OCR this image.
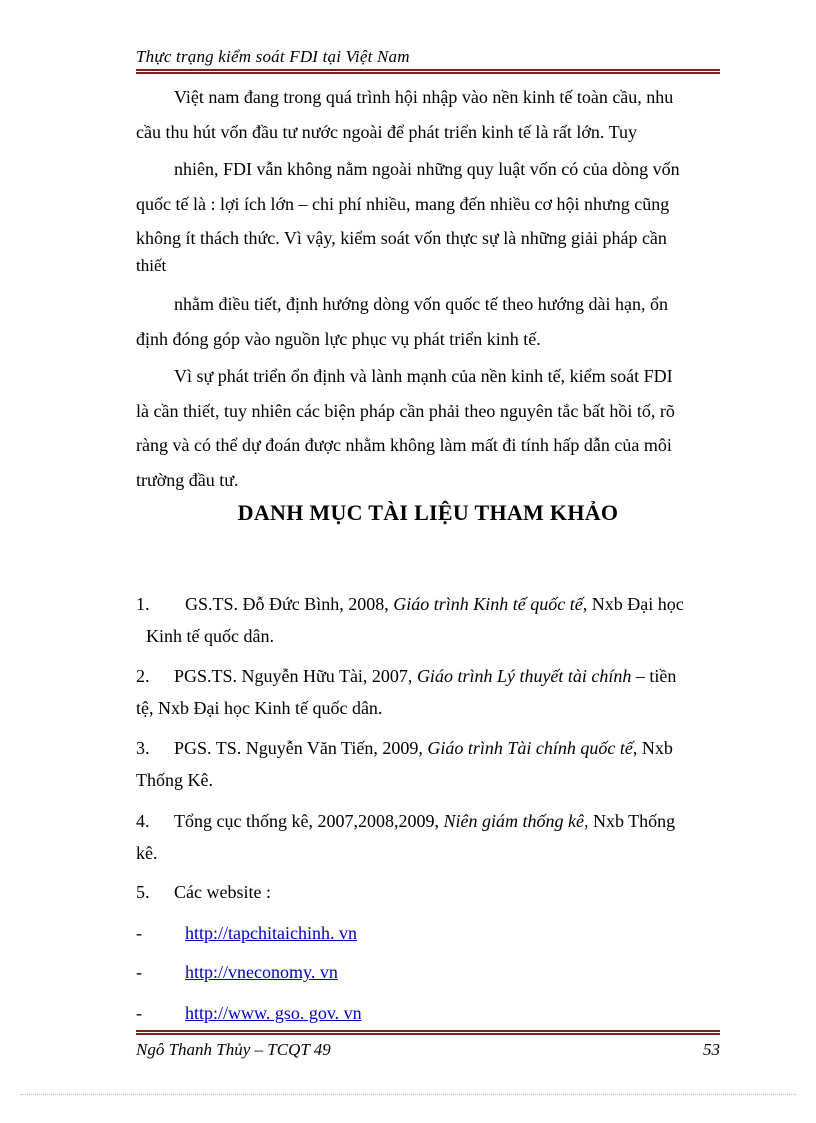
Thực trạng kiểm soát FDI tại Việt Nam

Việt nam đang trong quá trình hội nhập vào nền kinh tế toàn cầu, nhu
cầu thu hút vốn đầu tư nước ngoài để phát triển kinh tế là rất lớn. Tuy

nhiên, FDI vẫn không nằm ngoài những quy luật vốn có của dòng vốn
quốc tế là : lợi ích lớn – chi phí nhiều, mang đến nhiều cơ hội nhưng cũng
không ít thách thức. Vì vậy, kiểm soát vốn thực sự là những giải pháp cần
thiết

nhằm điều tiết, định hướng dòng vốn quốc tế theo hướng dài hạn, ổn
định đóng góp vào nguồn lực phục vụ phát triển kinh tế.

Vì sự phát triển ổn định và lành mạnh của nền kinh tế, kiểm soát FDI
là cần thiết, tuy nhiên các biện pháp cần phải theo nguyên tắc bất hồi tố, rõ
ràng và có thể dự đoán được nhằm không làm mất đi tính hấp dẫn của môi
trường đầu tư.

DANH MỤC TÀI LIỆU THAM KHẢO

1. GS.TS. Đỗ Đức Bình, 2008, Giáo trình Kinh tế quốc tế, Nxb Đại học
Kinh tế quốc dân.

2. PGS.TS. Nguyễn Hữu Tài, 2007, Giáo trình Lý thuyết tài chính – tiền
tệ, Nxb Đại học Kinh tế quốc dân.

3. PGS. TS. Nguyễn Văn Tiến, 2009, Giáo trình Tài chính quốc tế, Nxb
Thống Kê.

4. Tổng cục thống kê, 2007,2008,2009, Niên giám thống kê, Nxb Thống
kê.

5. Các website :

- http://tapchitaichinh. vn
- http://vneconomy. vn
- http://www. gso. gov. vn
Ngô Thanh Thủy – TCQT 49	53
